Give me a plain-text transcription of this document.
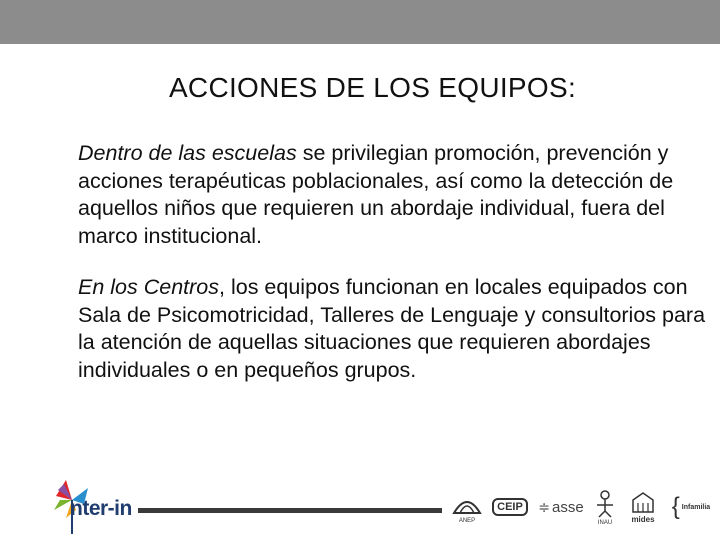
ACCIONES DE LOS EQUIPOS:

Dentro de las escuelas se privilegian promoción, prevención y acciones terapéuticas poblacionales, así como la detección de aquellos niños que requieren un abordaje individual, fuera del marco institucional.

En los Centros, los equipos funcionan en locales equipados con Sala de Psicomotricidad, Talleres de Lenguaje y consultorios para la atención de aquellas situaciones que requieren abordajes individuales o en pequeños grupos.

nter-in
ANEP
CEIP	≑ asse
INAU mides { Infamilia
